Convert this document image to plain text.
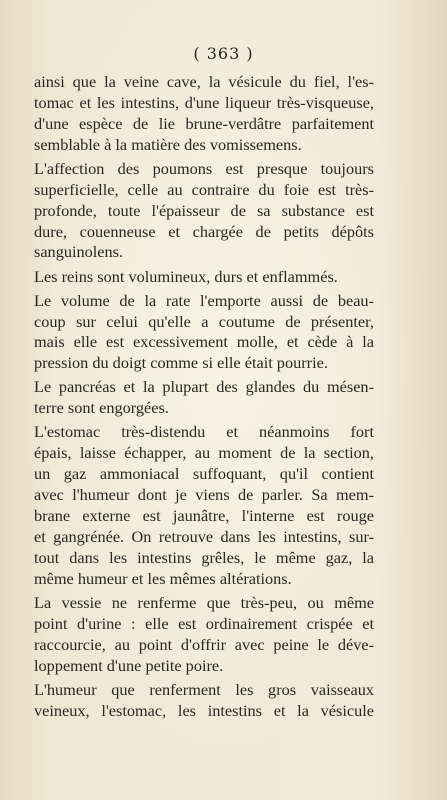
( 363 )
ainsi que la veine cave, la vésicule du fiel, l'es-
tomac et les intestins, d'une liqueur très-visqueuse,
d'une espèce de lie brune-verdâtre parfaitement
semblable à la matière des vomissemens.
L'affection des poumons est presque toujours
superficielle, celle au contraire du foie est très-
profonde, toute l'épaisseur de sa substance est
dure, couenneuse et chargée de petits dépôts
sanguinolens.
Les reins sont volumineux, durs et enflammés.
Le volume de la rate l'emporte aussi de beau-
coup sur celui qu'elle a coutume de présenter,
mais elle est excessivement molle, et cède à la
pression du doigt comme si elle était pourrie.
Le pancréas et la plupart des glandes du mésen-
terre sont engorgées.
L'estomac très-distendu et néanmoins fort
épais, laisse échapper, au moment de la section,
un gaz ammoniacal suffoquant, qu'il contient
avec l'humeur dont je viens de parler. Sa mem-
brane externe est jaunâtre, l'interne est rouge
et gangrénée. On retrouve dans les intestins, sur-
tout dans les intestins grêles, le même gaz, la
même humeur et les mêmes altérations.
La vessie ne renferme que très-peu, ou même
point d'urine : elle est ordinairement crispée et
raccourcie, au point d'offrir avec peine le déve-
loppement d'une petite poire.
L'humeur que renferment les gros vaisseaux
veineux, l'estomac, les intestins et la vésicule
